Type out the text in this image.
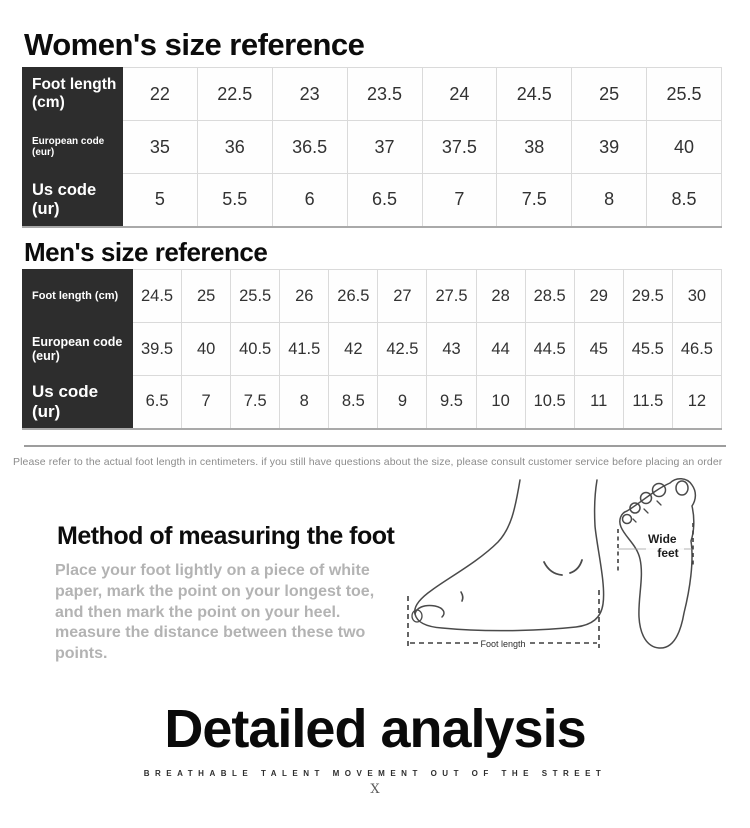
Women's size reference
Foot length (cm)	22	22.5	23	23.5	24	24.5	25	25.5
European code (eur)	35	36	36.5	37	37.5	38	39	40
Us code (ur)	5	5.5	6	6.5	7	7.5	8	8.5
Men's size reference
Foot length (cm)	24.5	25	25.5	26	26.5	27	27.5	28	28.5	29	29.5	30
European code (eur)	39.5	40	40.5	41.5	42	42.5	43	44	44.5	45	45.5	46.5
Us code (ur)	6.5	7	7.5	8	8.5	9	9.5	10	10.5	11	11.5	12

Please refer to the actual foot length in centimeters. if you still have questions about the size, please consult customer service before placing an order

Method of measuring the foot

Place your foot lightly on a piece of white paper, mark the point on your longest toe, and then mark the point on your heel. measure the distance between these two points.

Foot length
Wide feet
Detailed analysis
BREATHABLE TALENT MOVEMENT OUT OF THE STREET
X
